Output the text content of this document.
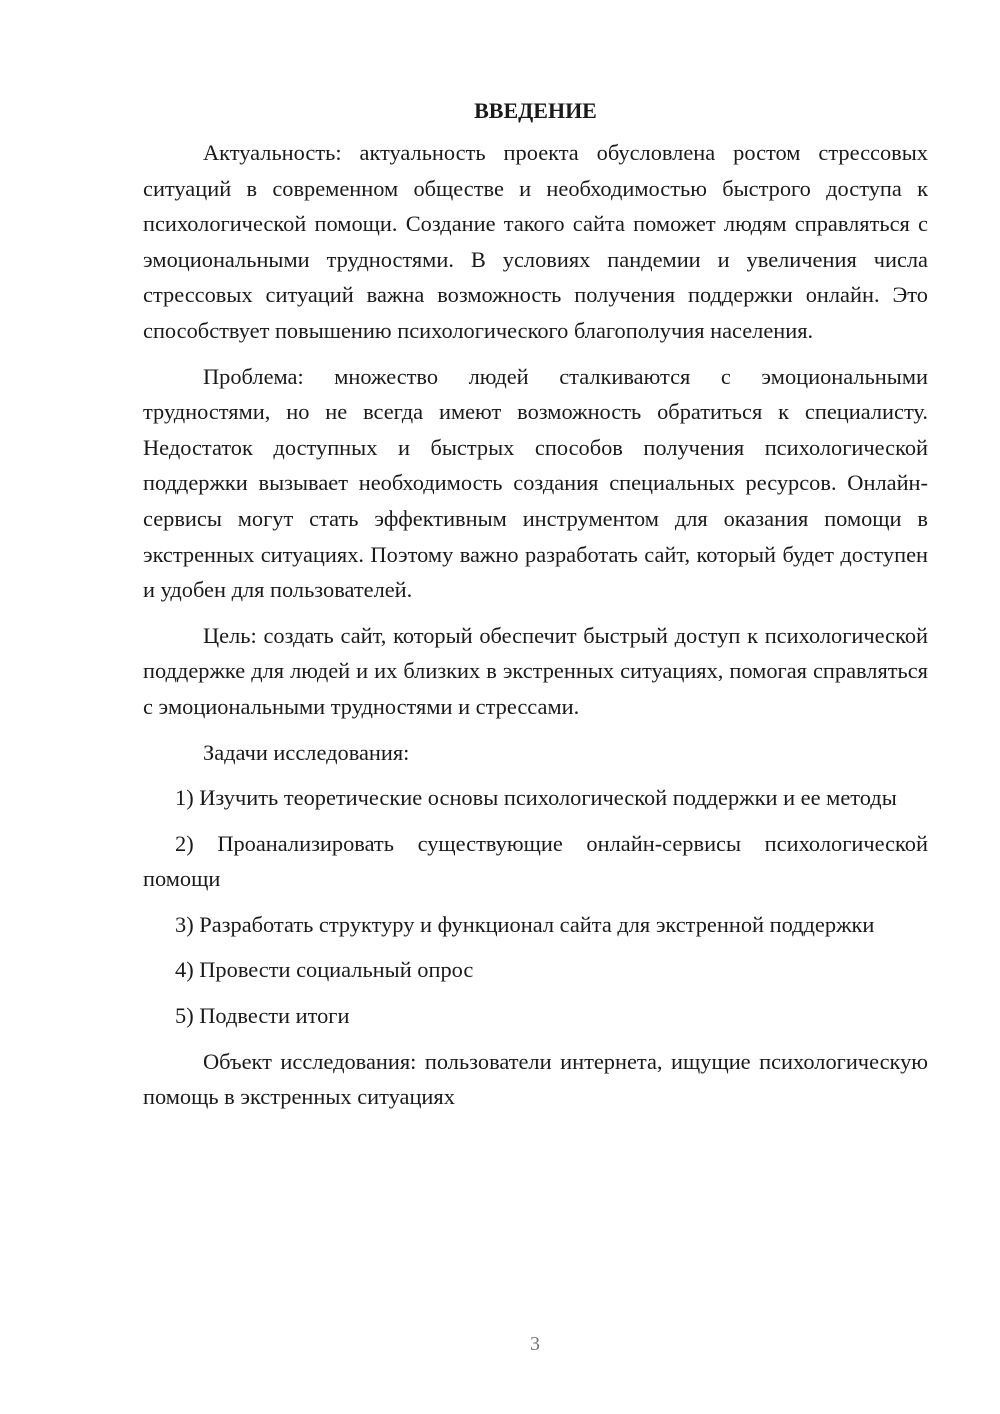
ВВЕДЕНИЕ

Актуальность: актуальность проекта обусловлена ростом стрессовых ситуаций в современном обществе и необходимостью быстрого доступа к психологической помощи. Создание такого сайта поможет людям справляться с эмоциональными трудностями. В условиях пандемии и увеличения числа стрессовых ситуаций важна возможность получения поддержки онлайн. Это способствует повышению психологического благополучия населения.

Проблема: множество людей сталкиваются с эмоциональными трудностями, но не всегда имеют возможность обратиться к специалисту. Недостаток доступных и быстрых способов получения психологической поддержки вызывает необходимость создания специальных ресурсов. Онлайн-сервисы могут стать эффективным инструментом для оказания помощи в экстренных ситуациях. Поэтому важно разработать сайт, который будет доступен и удобен для пользователей.

Цель: создать сайт, который обеспечит быстрый доступ к психологической поддержке для людей и их близких в экстренных ситуациях, помогая справляться с эмоциональными трудностями и стрессами.

Задачи исследования:

1) Изучить теоретические основы психологической поддержки и ее методы
2) Проанализировать существующие онлайн-сервисы психологической помощи
3) Разработать структуру и функционал сайта для экстренной поддержки
4) Провести социальный опрос
5) Подвести итоги

Объект исследования: пользователи интернета, ищущие психологическую помощь в экстренных ситуациях

3
